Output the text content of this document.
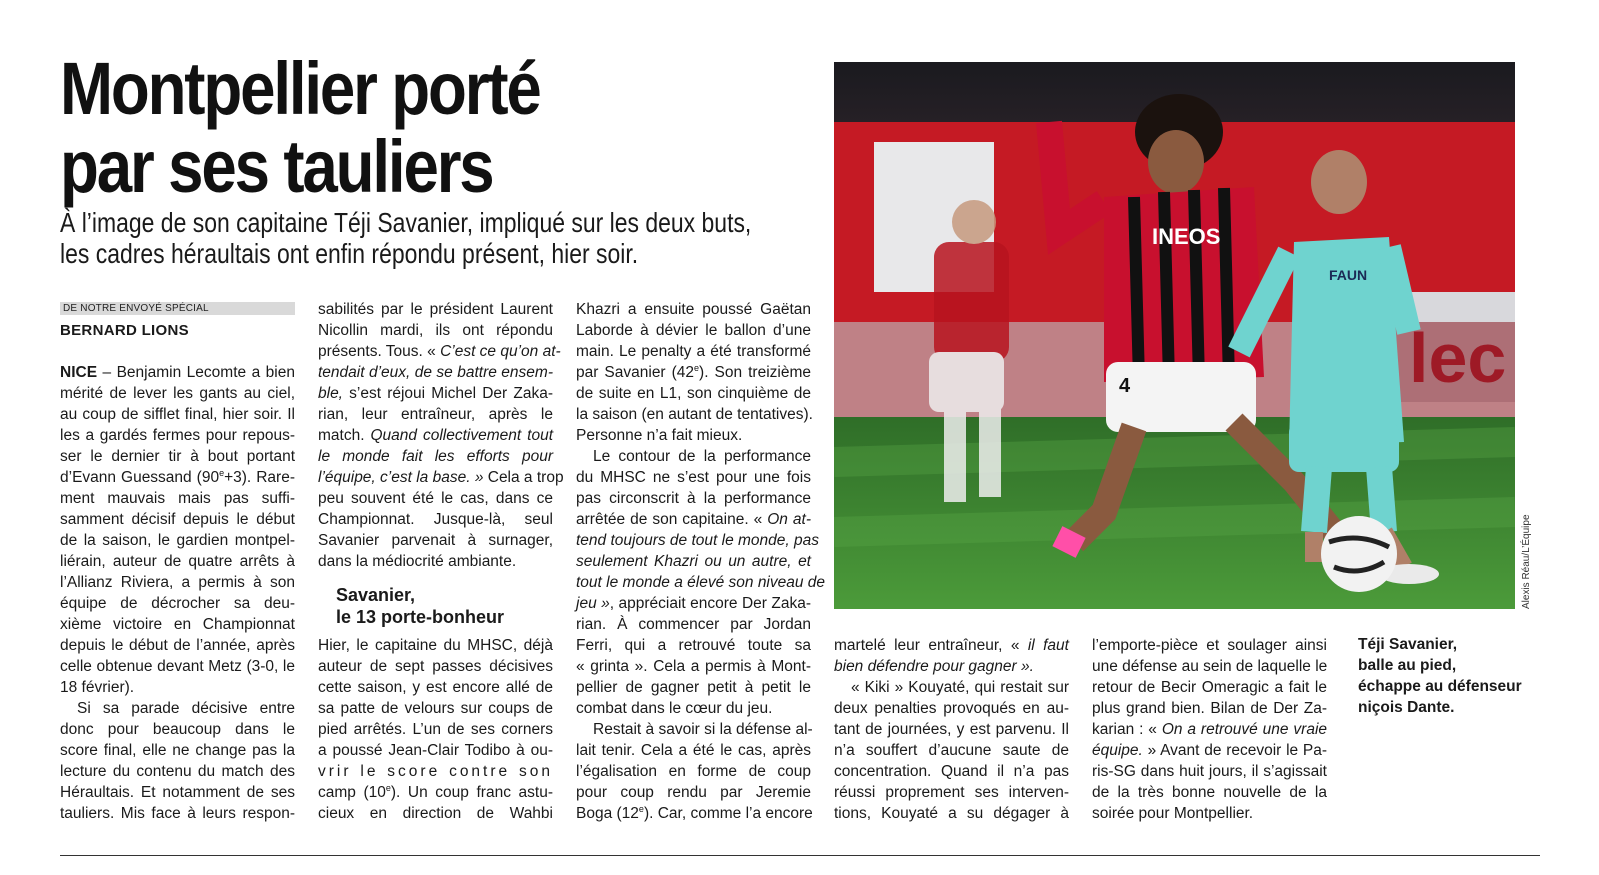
Montpellier porté
par ses tauliers
À l’image de son capitaine Téji Savanier, impliqué sur les deux buts,
les cadres héraultais ont enfin répondu présent, hier soir.
DE NOTRE ENVOYÉ SPÉCIAL
BERNARD LIONS
NICE – Benjamin Lecomte a bien
mérité de lever les gants au ciel,
au coup de sifflet final, hier soir. Il
les a gardés fermes pour repous-
ser le dernier tir à bout portant
d’Evann Guessand $(90^e+3)$. Rare-
ment mauvais mais pas suffi-
samment décisif depuis le début
de la saison, le gardien montpel-
liérain, auteur de quatre arrêts à
l’Allianz Riviera, a permis à son
équipe de décrocher sa deu-
xième victoire en Championnat
depuis le début de l’année, après
celle obtenue devant Metz (3-0, le
18 février).
Si sa parade décisive entre
donc pour beaucoup dans le
score final, elle ne change pas la
lecture du contenu du match des
Héraultais. Et notamment de ses
tauliers. Mis face à leurs respon-
sabilités par le président Laurent
Nicollin mardi, ils ont répondu
présents. Tous. « C’est ce qu’on at-
tendait d’eux, de se battre ensem-
ble, s’est réjoui Michel Der Zaka-
rian, leur entraîneur, après le
match. Quand collectivement tout
le monde fait les efforts pour
l’équipe, c’est la base. » Cela a trop
peu souvent été le cas, dans ce
Championnat. Jusque-là, seul
Savanier parvenait à surnager,
dans la médiocrité ambiante.
Savanier,
le 13 porte-bonheur
Hier, le capitaine du MHSC, déjà
auteur de sept passes décisives
cette saison, y est encore allé de
sa patte de velours sur coups de
pied arrêtés. L’un de ses corners
a poussé Jean-Clair Todibo à ou-
vrir le score contre son
camp (10e). Un coup franc astu-
cieux en direction de Wahbi
Khazri a ensuite poussé Gaëtan
Laborde à dévier le ballon d’une
main. Le penalty a été transformé
par Savanier (42e). Son treizième
de suite en L1, son cinquième de
la saison (en autant de tentatives).
Personne n’a fait mieux.
Le contour de la performance
du MHSC ne s’est pour une fois
pas circonscrit à la performance
arrêtée de son capitaine. « On at-
tend toujours de tout le monde, pas
seulement Khazri ou un autre, et
tout le monde a élevé son niveau de
jeu », appréciait encore Der Zaka-
rian. À commencer par Jordan
Ferri, qui a retrouvé toute sa
« grinta ». Cela a permis à Mont-
pellier de gagner petit à petit le
combat dans le cœur du jeu.
Restait à savoir si la défense al-
lait tenir. Cela a été le cas, après
l’égalisation en forme de coup
pour coup rendu par Jeremie
Boga (12e). Car, comme l’a encore
INEOS
4
FAUN
Alexis Réau/L’Équipe
martelé leur entraîneur, « il faut
bien défendre pour gagner ».
« Kiki » Kouyaté, qui restait sur
deux penalties provoqués en au-
tant de journées, y est parvenu. Il
n’a souffert d’aucune saute de
concentration. Quand il n’a pas
réussi proprement ses interven-
tions, Kouyaté a su dégager à
l’emporte-pièce et soulager ainsi
une défense au sein de laquelle le
retour de Becir Omeragic a fait le
plus grand bien. Bilan de Der Za-
karian : « On a retrouvé une vraie
équipe. » Avant de recevoir le Pa-
ris-SG dans huit jours, il s’agissait
de la très bonne nouvelle de la
soirée pour Montpellier.
Téji Savanier,
balle au pied,
échappe au défenseur
niçois Dante.
